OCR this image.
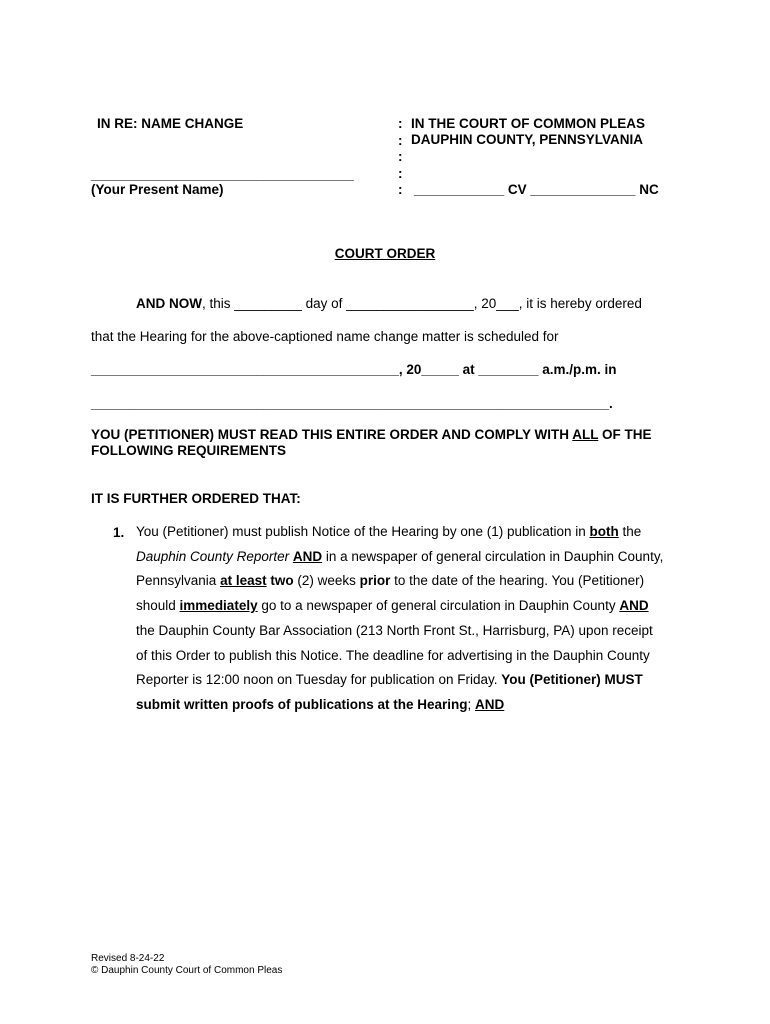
IN RE: NAME CHANGE
___________________________________
(Your Present Name)
:
:
:
:
:
IN THE COURT OF COMMON PLEAS
DAUPHIN COUNTY, PENNSYLVANIA
____________ CV ______________ NC
COURT ORDER
AND NOW, this _________ day of _________________, 20___, it is hereby ordered
that the Hearing for the above-captioned name change matter is scheduled for
_________________________________________, 20_____ at ________ a.m./p.m. in
_____________________________________________________________________.
YOU (PETITIONER) MUST READ THIS ENTIRE ORDER AND COMPLY WITH ALL OF THE
FOLLOWING REQUIREMENTS
IT IS FURTHER ORDERED THAT:
1. You (Petitioner) must publish Notice of the Hearing by one (1) publication in both the

Dauphin County Reporter AND in a newspaper of general circulation in Dauphin County,

Pennsylvania at least two (2) weeks prior to the date of the hearing. You (Petitioner)

should immediately go to a newspaper of general circulation in Dauphin County AND

the Dauphin County Bar Association (213 North Front St., Harrisburg, PA) upon receipt

of this Order to publish this Notice. The deadline for advertising in the Dauphin County

Reporter is 12:00 noon on Tuesday for publication on Friday. You (Petitioner) MUST

submit written proofs of publications at the Hearing; AND

Revised 8-24-22
© Dauphin County Court of Common Pleas
